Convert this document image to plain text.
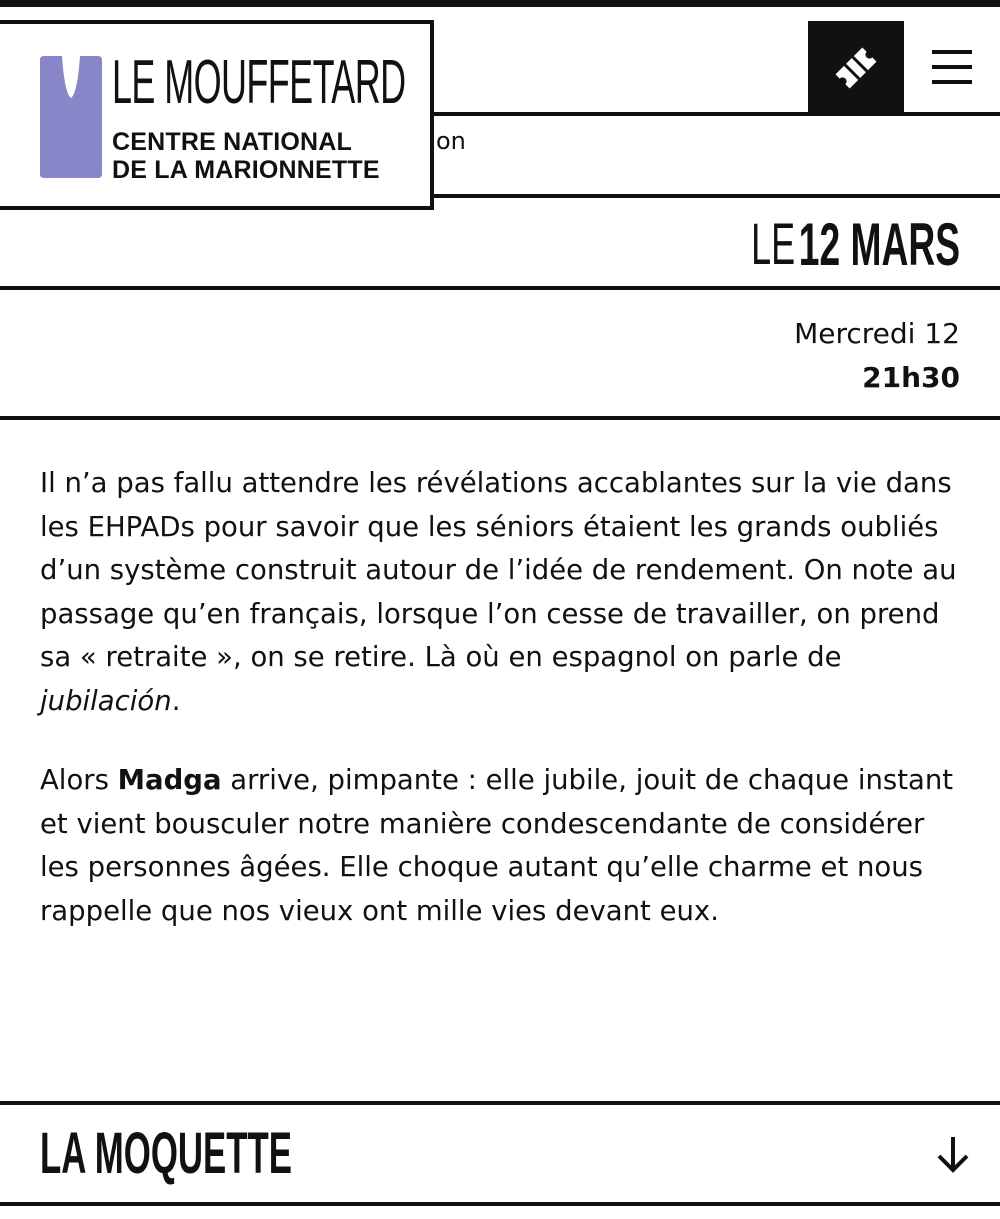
on
LE MOUFFETARD
CENTRE NATIONAL
DE LA MARIONNETTE
LE 12 MARS
Mercredi 12
21h30

Il n’a pas fallu attendre les révélations accablantes sur la vie dans les EHPADs pour savoir que les séniors étaient les grands oubliés d’un système construit autour de l’idée de rendement. On note au passage qu’en français, lorsque l’on cesse de travailler, on prend sa « retraite », on se retire. Là où en espagnol on parle de jubilación.

Alors Madga arrive, pimpante : elle jubile, jouit de chaque instant et vient bousculer notre manière condescendante de considérer les personnes âgées. Elle choque autant qu’elle charme et nous rappelle que nos vieux ont mille vies devant eux.

LA MOQUETTE
